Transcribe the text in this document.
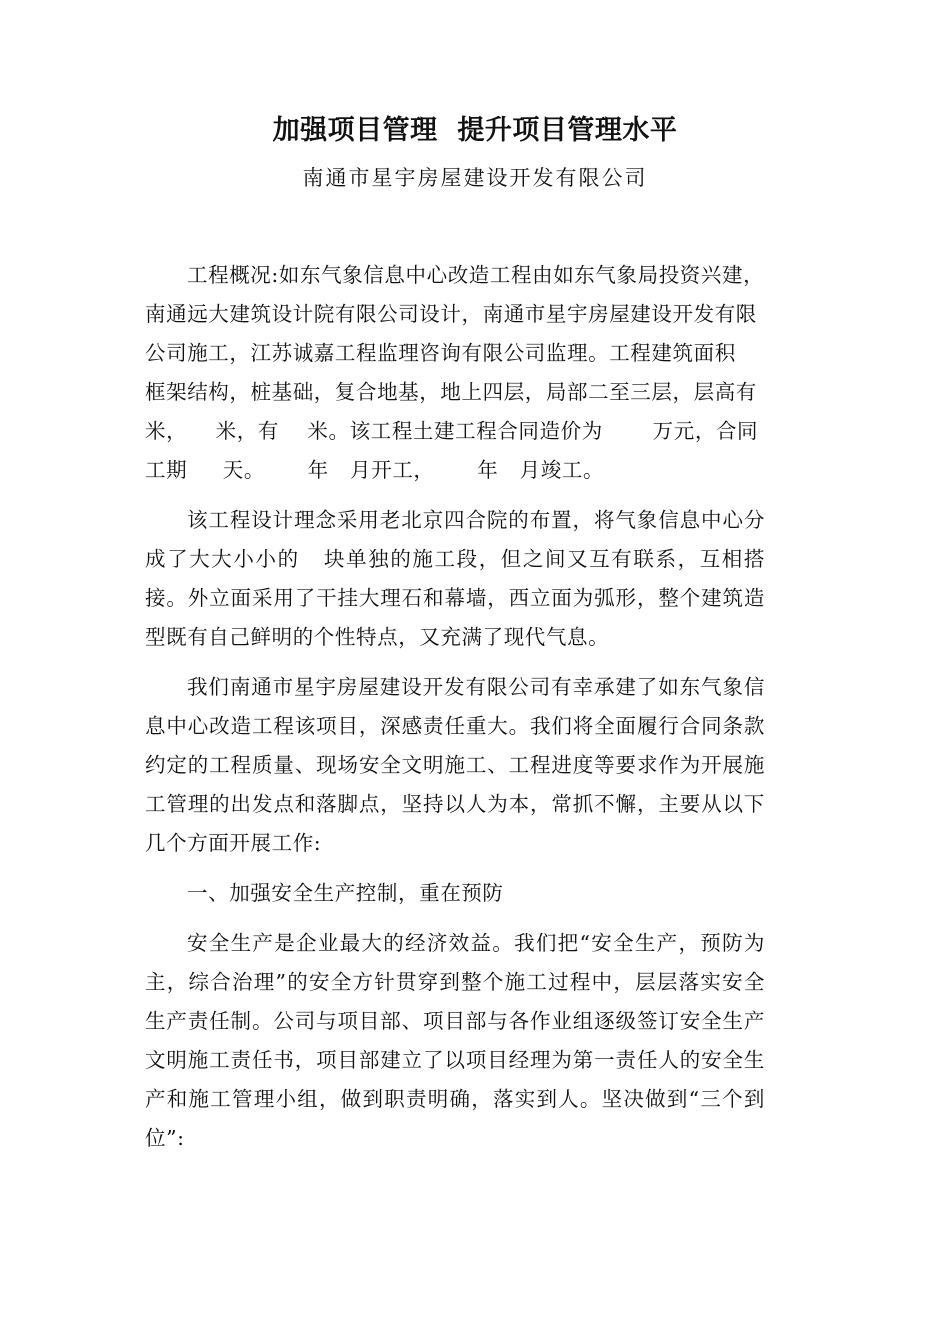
加强项目管理  提升项目管理水平
南通市星宇房屋建设开发有限公司

工程概况:如东气象信息中心改造工程由如东气象局投资兴建，南通远大建筑设计院有限公司设计，南通市星宇房屋建设开发有限公司施工，江苏诚嘉工程监理咨询有限公司监理。工程建筑面积         框架结构，桩基础，复合地基，地上四层，局部二至三层，层高有   米，    米，有    米。该工程土建工程合同造价为       万元，合同工期     天。      年   月开工，      年   月竣工。

该工程设计理念采用老北京四合院的布置，将气象信息中心分成了大大小小的   块单独的施工段，但之间又互有联系，互相搭接。外立面采用了干挂大理石和幕墙，西立面为弧形，整个建筑造型既有自己鲜明的个性特点，又充满了现代气息。

我们南通市星宇房屋建设开发有限公司有幸承建了如东气象信息中心改造工程该项目，深感责任重大。我们将全面履行合同条款约定的工程质量、现场安全文明施工、工程进度等要求作为开展施工管理的出发点和落脚点，坚持以人为本，常抓不懈，主要从以下几个方面开展工作:

一、加强安全生产控制，重在预防

安全生产是企业最大的经济效益。我们把“安全生产，预防为主，综合治理”的安全方针贯穿到整个施工过程中，层层落实安全生产责任制。公司与项目部、项目部与各作业组逐级签订安全生产文明施工责任书，项目部建立了以项目经理为第一责任人的安全生产和施工管理小组，做到职责明确，落实到人。坚决做到“三个到位”:
